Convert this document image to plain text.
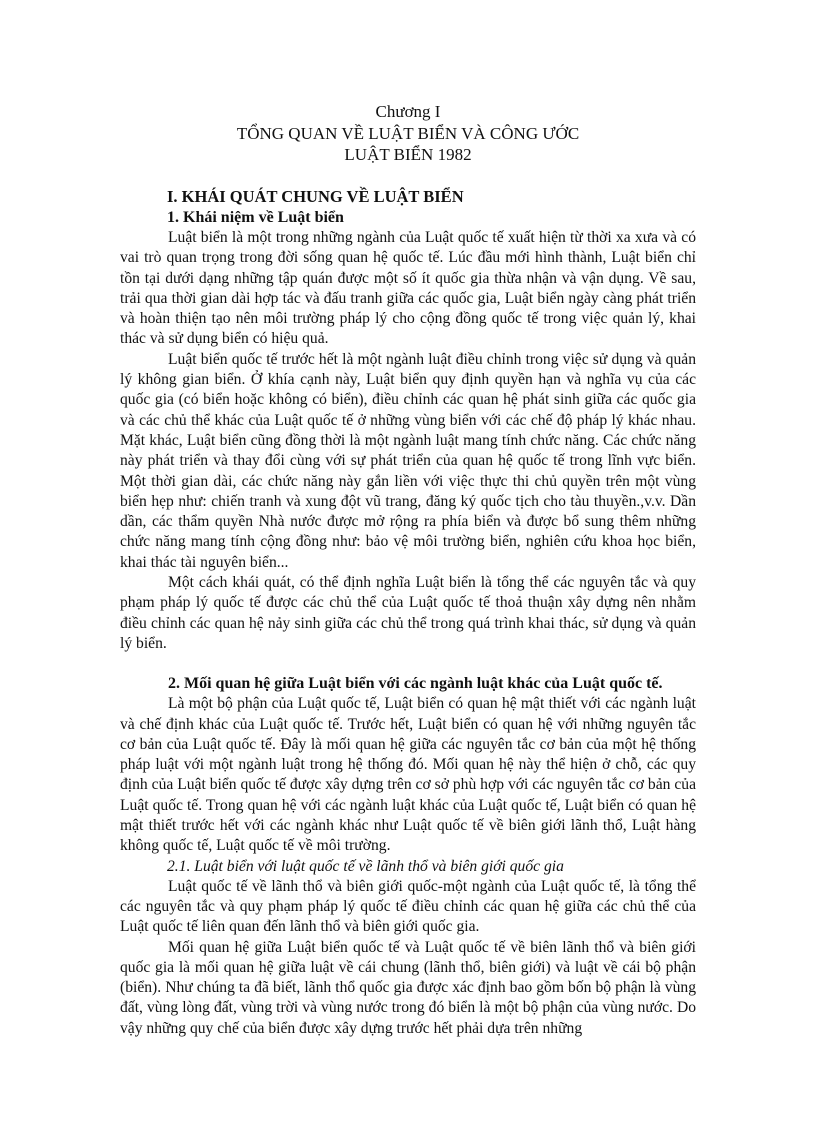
Chương I
TỔNG QUAN VỀ LUẬT BIỂN VÀ CÔNG ƯỚC
LUẬT BIỂN 1982
I. KHÁI QUÁT CHUNG VỀ LUẬT BIỂN
1. Khái niệm về Luật biển

Luật biển là một trong những ngành của Luật quốc tế xuất hiện từ thời xa xưa và có vai trò quan trọng trong đời sống quan hệ quốc tế. Lúc đầu mới hình thành, Luật biển chỉ tồn tại dưới dạng những tập quán được một số ít quốc gia thừa nhận và vận dụng. Về sau, trải qua thời gian dài hợp tác và đấu tranh giữa các quốc gia, Luật biển ngày càng phát triển và hoàn thiện tạo nên môi trường pháp lý cho cộng đồng quốc tế trong việc quản lý, khai thác và sử dụng biển có hiệu quả.

Luật biển quốc tế trước hết là một ngành luật điều chỉnh trong việc sử dụng và quản lý không gian biển. Ở khía cạnh này, Luật biển quy định quyền hạn và nghĩa vụ của các quốc gia (có biển hoặc không có biển), điều chỉnh các quan hệ phát sinh giữa các quốc gia và các chủ thể khác của Luật quốc tế ở những vùng biển với các chế độ pháp lý khác nhau. Mặt khác, Luật biển cũng đồng thời là một ngành luật mang tính chức năng. Các chức năng này phát triển và thay đổi cùng với sự phát triển của quan hệ quốc tế trong lĩnh vực biển. Một thời gian dài, các chức năng này gắn liền với việc thực thi chủ quyền trên một vùng biển hẹp như: chiến tranh và xung đột vũ trang, đăng ký quốc tịch cho tàu thuyền.,v.v. Dần dần, các thẩm quyền Nhà nước được mở rộng ra phía biển và được bổ sung thêm những chức năng mang tính cộng đồng như: bảo vệ môi trường biển, nghiên cứu khoa học biển, khai thác tài nguyên biển...

Một cách khái quát, có thể định nghĩa Luật biển là tổng thể các nguyên tắc và quy phạm pháp lý quốc tế được các chủ thể của Luật quốc tế thoả thuận xây dựng nên nhằm điều chỉnh các quan hệ nảy sinh giữa các chủ thể trong quá trình khai thác, sử dụng và quản lý biển.

2. Mối quan hệ giữa Luật biển với các ngành luật khác của Luật quốc tế.

Là một bộ phận của Luật quốc tế, Luật biển có quan hệ mật thiết với các ngành luật và chế định khác của Luật quốc tế. Trước hết, Luật biển có quan hệ với những nguyên tắc cơ bản của Luật quốc tế. Đây là mối quan hệ giữa các nguyên tắc cơ bản của một hệ thống pháp luật với một ngành luật trong hệ thống đó. Mối quan hệ này thể hiện ở chỗ, các quy định của Luật biển quốc tế được xây dựng trên cơ sở phù hợp với các nguyên tắc cơ bản của Luật quốc tế. Trong quan hệ với các ngành luật khác của Luật quốc tế, Luật biển có quan hệ mật thiết trước hết với các ngành khác như Luật quốc tế về biên giới lãnh thổ, Luật hàng không quốc tế, Luật quốc tế về môi trường.

2.1. Luật biển với luật quốc tế về lãnh thổ và biên giới quốc gia

Luật quốc tế về lãnh thổ và biên giới quốc-một ngành của Luật quốc tế, là tổng thể các nguyên tắc và quy phạm pháp lý quốc tế điều chỉnh các quan hệ giữa các chủ thể của Luật quốc tế liên quan đến lãnh thổ và biên giới quốc gia.

Mối quan hệ giữa Luật biển quốc tế và Luật quốc tế về biên lãnh thổ và biên giới quốc gia là mối quan hệ giữa luật về cái chung (lãnh thổ, biên giới) và luật về cái bộ phận (biển). Như chúng ta đã biết, lãnh thổ quốc gia được xác định bao gồm bốn bộ phận là vùng đất, vùng lòng đất, vùng trời và vùng nước trong đó biển là một bộ phận của vùng nước. Do vậy những quy chế của biển được xây dựng trước hết phải dựa trên những
